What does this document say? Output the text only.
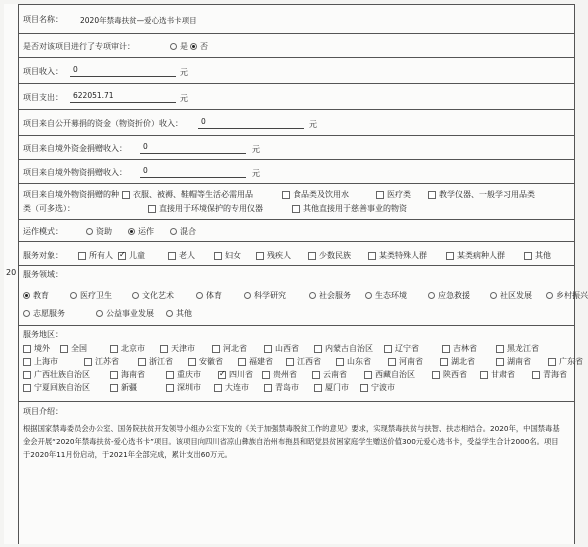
20
项目名称： 2020年禁毒扶贫—爱心选书卡项目
是否对该项目进行了专项审计：	是 否
项目收入：	0	元
项目支出：	622051.71	元
项目来自公开募捐的资金（物资折价）收入：	0	元
项目来自境外资金捐赠收入：	0	元
项目来自境外物资捐赠收入：	0	元
项目来自境外物资捐赠的种
类（可多选）：
衣服、被褥、鞋帽等生活必需用品	食品类及饮用水	医疗类	教学仪器、一般学习用品类
直接用于环境保护的专用仪器	其他直接用于慈善事业的物资
运作模式：	资助	运作	混合
服务对象：	所有人 ✓ 儿童	老人	妇女	残疾人	少数民族	某类特殊人群	某类病种人群	其他
服务领域：
教育	医疗卫生	文化艺术	体育	科学研究	社会服务	生态环境	应急救援	社区发展	乡村振兴
志愿服务	公益事业发展	其他
服务地区：
境外	全国	北京市	天津市	河北省	山西省	内蒙古自治区	辽宁省	吉林省	黑龙江省
上海市	江苏省	浙江省	安徽省	福建省	江西省	山东省	河南省	湖北省	湖南省	广东省
广西壮族自治区	海南省	重庆市 ✓	四川省	贵州省	云南省	西藏自治区	陕西省	甘肃省	青海省
宁夏回族自治区	新疆	深圳市	大连市	青岛市	厦门市	宁波市
项目介绍：
根据国家禁毒委员会办公室、国务院扶贫开发领导小组办公室下发的《关于加强禁毒脱贫工作的意见》要求，实现禁毒扶贫与扶智、扶志相结合。2020年，中国禁毒基金会开展“2020年禁毒扶贫-爱心选书卡”项目。该项目向四川省凉山彝族自治州布拖县和昭觉县贫困家庭学生赠送价值300元爱心选书卡，受益学生合计2000名。项目于2020年11月份启动，于2021年全部完成，累计支出60万元。
